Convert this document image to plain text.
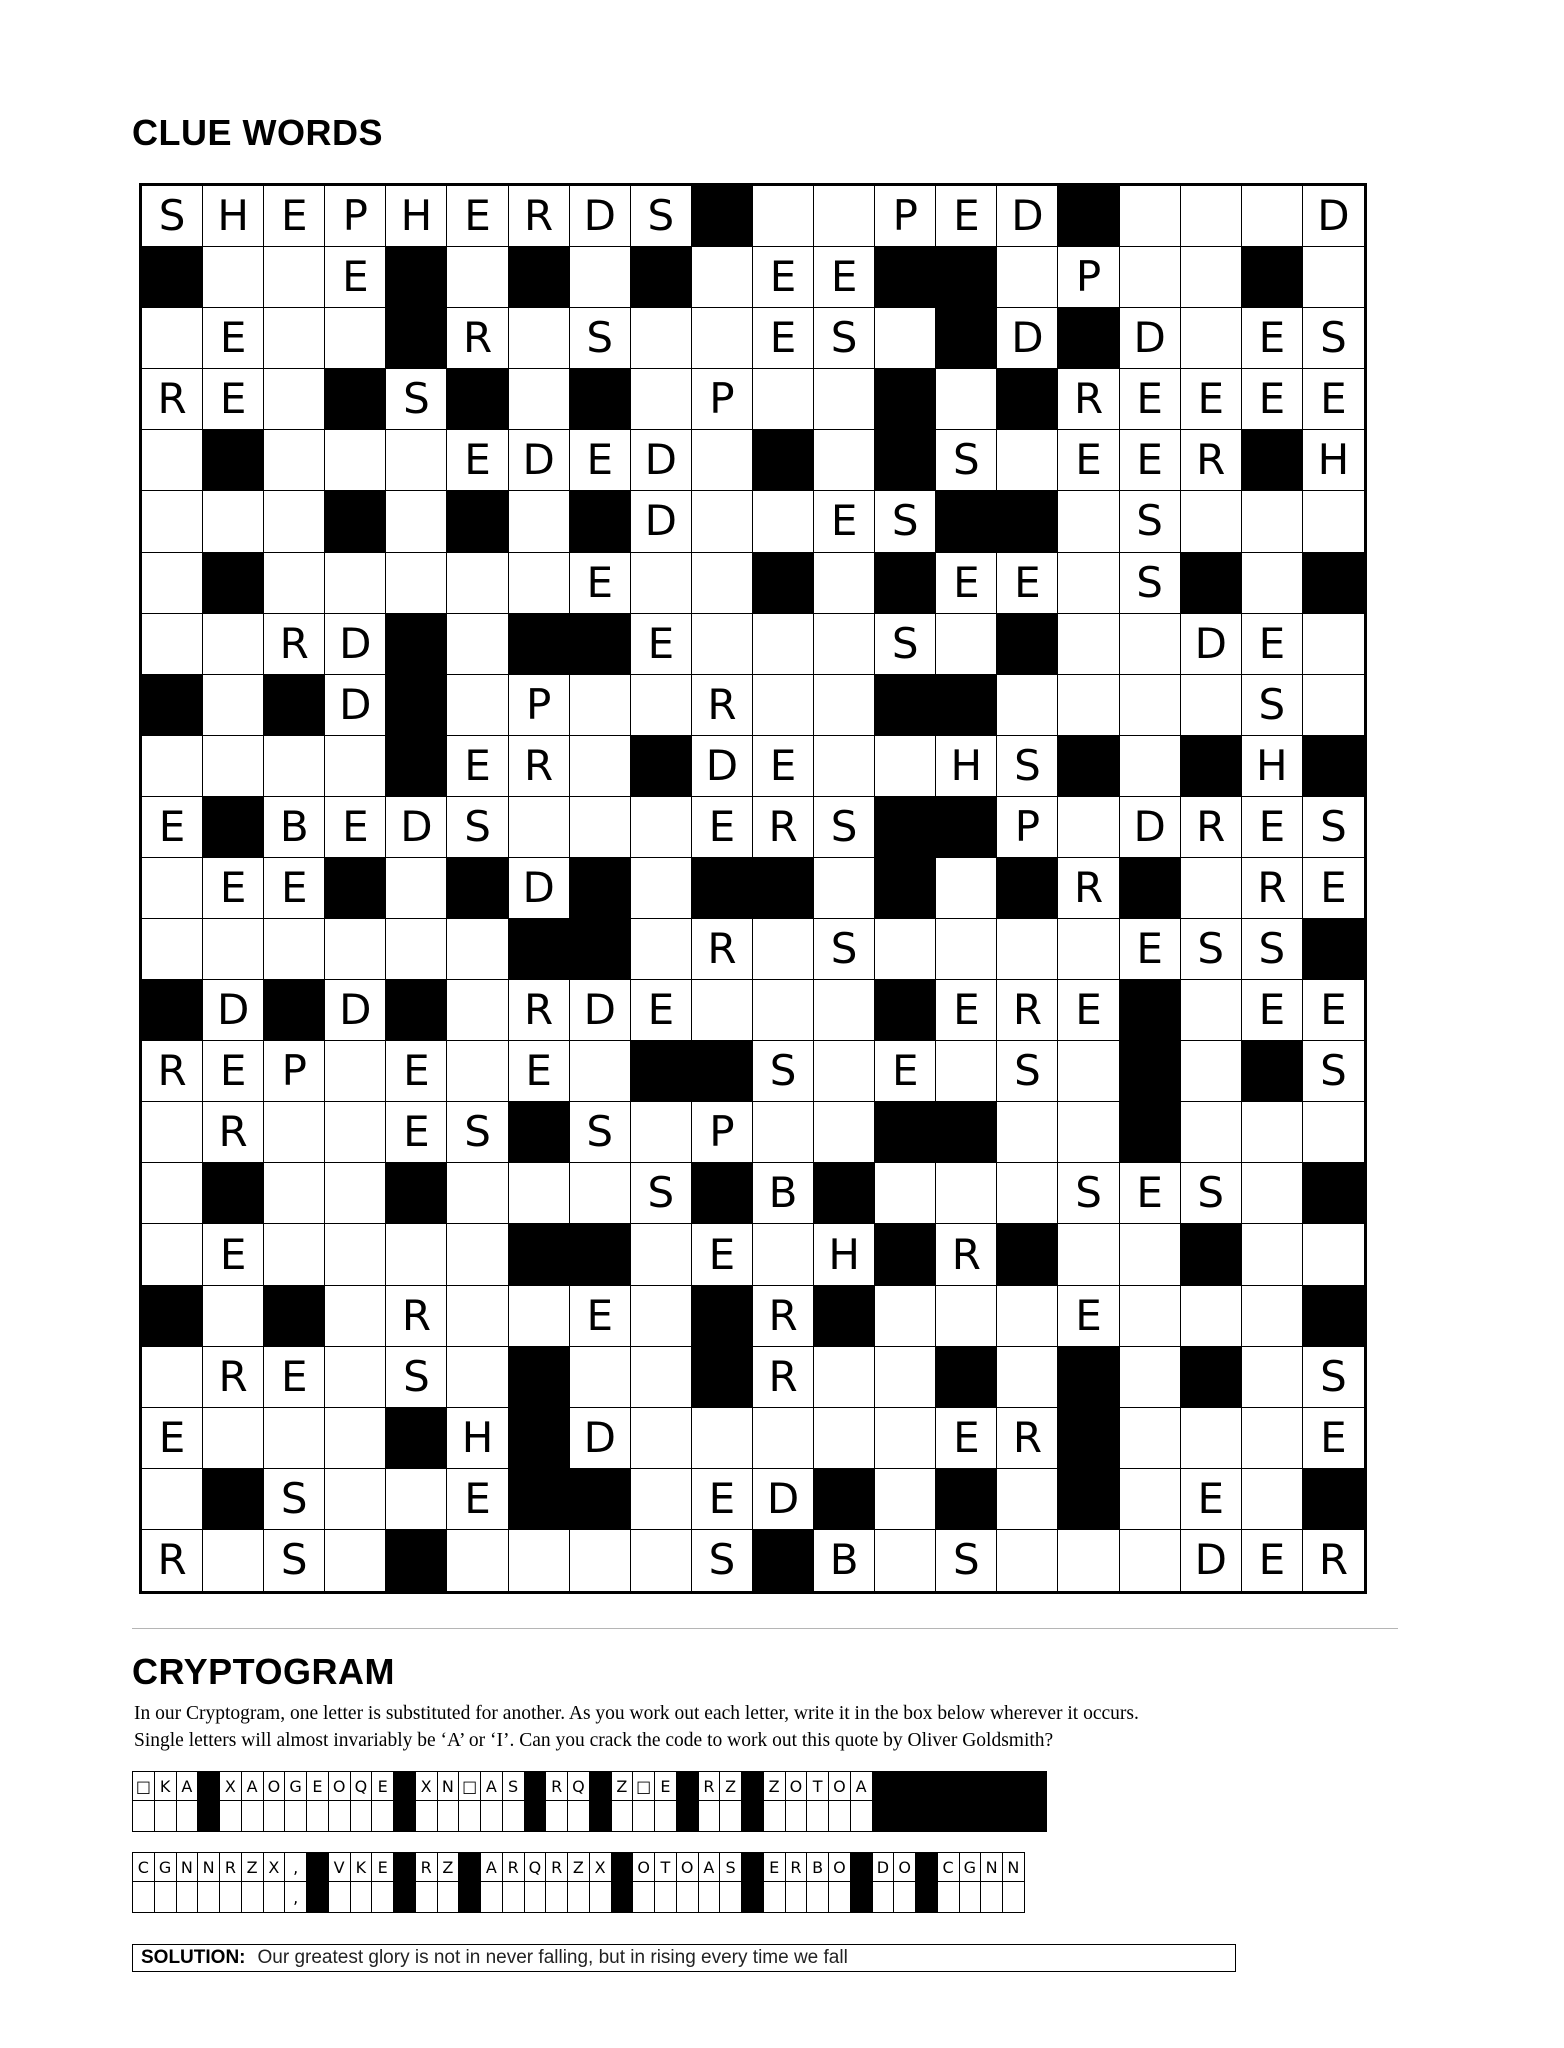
CLUE WORDS
S H E P H E R D S	P E D	D
E	E E	P
E	R	S	E S	D	D	E S
R E	S	P	R E E E E
E D E D	S	E E R	H
D	E S	S
E	E E	S
R D	E	S	D E
D	P	R	S
E R	D E	H S	H
E	B E D S	E R S	P	D R E S
E E	D	R	R E
R	S	E S S
D	D	R D E	E R E	E E
R E P	E	E	S	E	S	S
R	E S	S	P
S	B	S E S
E	E	H	R
R	E	R	E
R E	S	R	S
E	H	D	E R	E
S	E	E D	E
R	S	S	B	S	D E R
CRYPTOGRAM
In our Cryptogram, one letter is substituted for another. As you work out each letter, write it in the box below wherever it occurs.
Single letters will almost invariably be ‘A’ or ‘I’. Can you crack the code to work out this quote by Oliver Goldsmith?
□ K A	X A O G E O Q E	X N □ A S	R Q	Z □ E	R Z	Z O T O A
C G N N R Z X ,
,
V K E	R Z	A R Q R Z X	O T O A S	E R B O D O C G N N
SOLUTION: Our greatest glory is not in never falling, but in rising every time we fall
